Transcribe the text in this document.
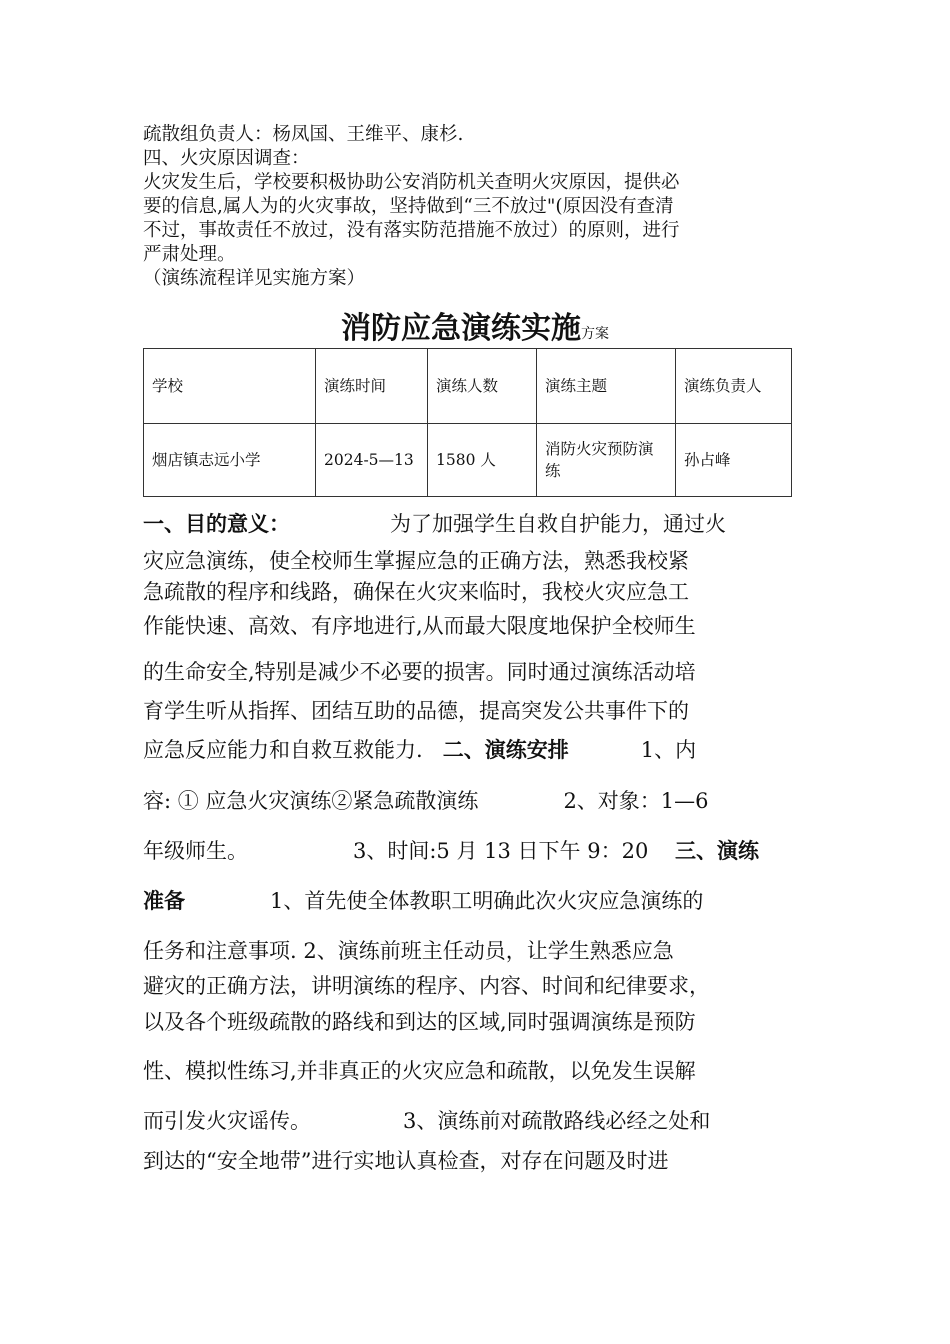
疏散组负责人：杨凤国、王维平、康杉.

四、火灾原因调查：

火灾发生后，学校要积极协助公安消防机关查明火灾原因，提供必

要的信息,属人为的火灾事故，坚持做到“三不放过"(原因没有查清

不过，事故责任不放过，没有落实防范措施不放过）的原则，进行

严肃处理。

（演练流程详见实施方案）

消防应急演练实施方案
学校	演练时间	演练人数	演练主题	演练负责人
烟店镇志远小学	2024-5—13	1580 人	消防火灾预防演练	孙占峰
一、目的意义：	为了加强学生自救自护能力，通过火
灾应急演练，使全校师生掌握应急的正确方法，熟悉我校紧
急疏散的程序和线路，确保在火灾来临时，我校火灾应急工
作能快速、高效、有序地进行,从而最大限度地保护全校师生
的生命安全,特别是减少不必要的损害。同时通过演练活动培
育学生听从指挥、团结互助的品德，提高突发公共事件下的
应急反应能力和自救互救能力. 二、演练安排	1、内
容: ① 应急火灾演练②紧急疏散演练	2、对象：1—6
年级师生。	3、时间:5 月 13 日下午 9：20 三、演练
准备	1、首先使全体教职工明确此次火灾应急演练的
任务和注意事项. 2、演练前班主任动员，让学生熟悉应急
避灾的正确方法，讲明演练的程序、内容、时间和纪律要求，
以及各个班级疏散的路线和到达的区域,同时强调演练是预防
性、模拟性练习,并非真正的火灾应急和疏散，以免发生误解
而引发火灾谣传。	3、演练前对疏散路线必经之处和
到达的“安全地带”进行实地认真检查，对存在问题及时进
